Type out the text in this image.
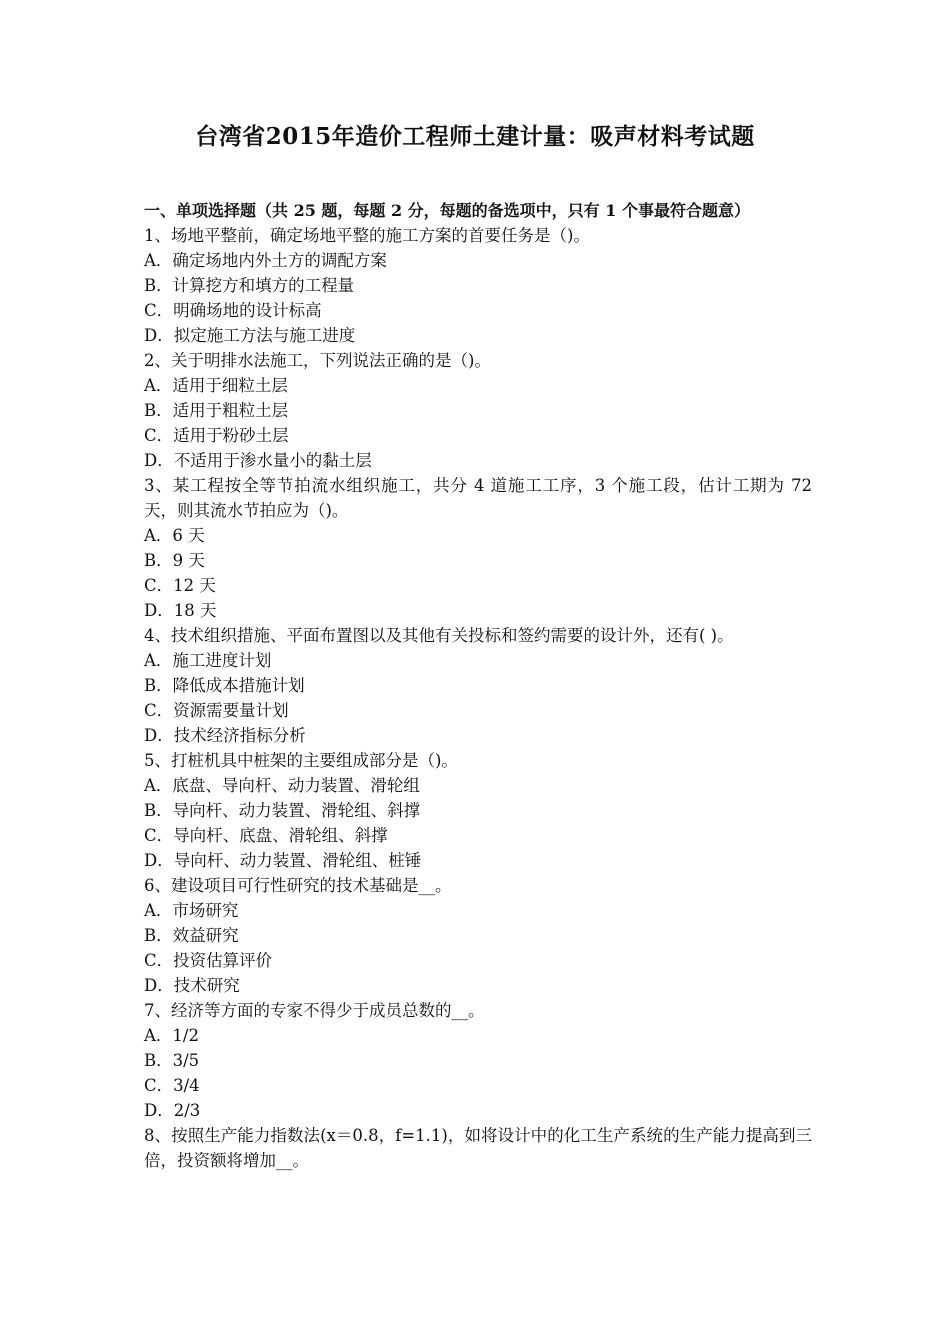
台湾省2015年造价工程师土建计量：吸声材料考试题
一、单项选择题（共 25 题，每题 2 分，每题的备选项中，只有 1 个事最符合题意）

1、场地平整前，确定场地平整的施工方案的首要任务是（)。

A．确定场地内外土方的调配方案

B．计算挖方和填方的工程量

C．明确场地的设计标高

D．拟定施工方法与施工进度

2、关于明排水法施工，下列说法正确的是（)。

A．适用于细粒土层

B．适用于粗粒土层

C．适用于粉砂土层

D．不适用于渗水量小的黏土层

3、某工程按全等节拍流水组织施工，共分 4 道施工工序，3 个施工段，估计工期为 72 天，则其流水节拍应为（)。

A．6 天

B．9 天

C．12 天

D．18 天

4、技术组织措施、平面布置图以及其他有关投标和签约需要的设计外，还有( )。

A．施工进度计划

B．降低成本措施计划

C．资源需要量计划

D．技术经济指标分析

5、打桩机具中桩架的主要组成部分是（)。

A．底盘、导向杆、动力装置、滑轮组

B．导向杆、动力装置、滑轮组、斜撑

C．导向杆、底盘、滑轮组、斜撑

D．导向杆、动力装置、滑轮组、桩锤

6、建设项目可行性研究的技术基础是__。

A．市场研究

B．效益研究

C．投资估算评价

D．技术研究

7、经济等方面的专家不得少于成员总数的__。

A．1/2

B．3/5

C．3/4

D．2/3

8、按照生产能力指数法(x＝0.8，f=1.1)，如将设计中的化工生产系统的生产能力提高到三倍，投资额将增加__。
